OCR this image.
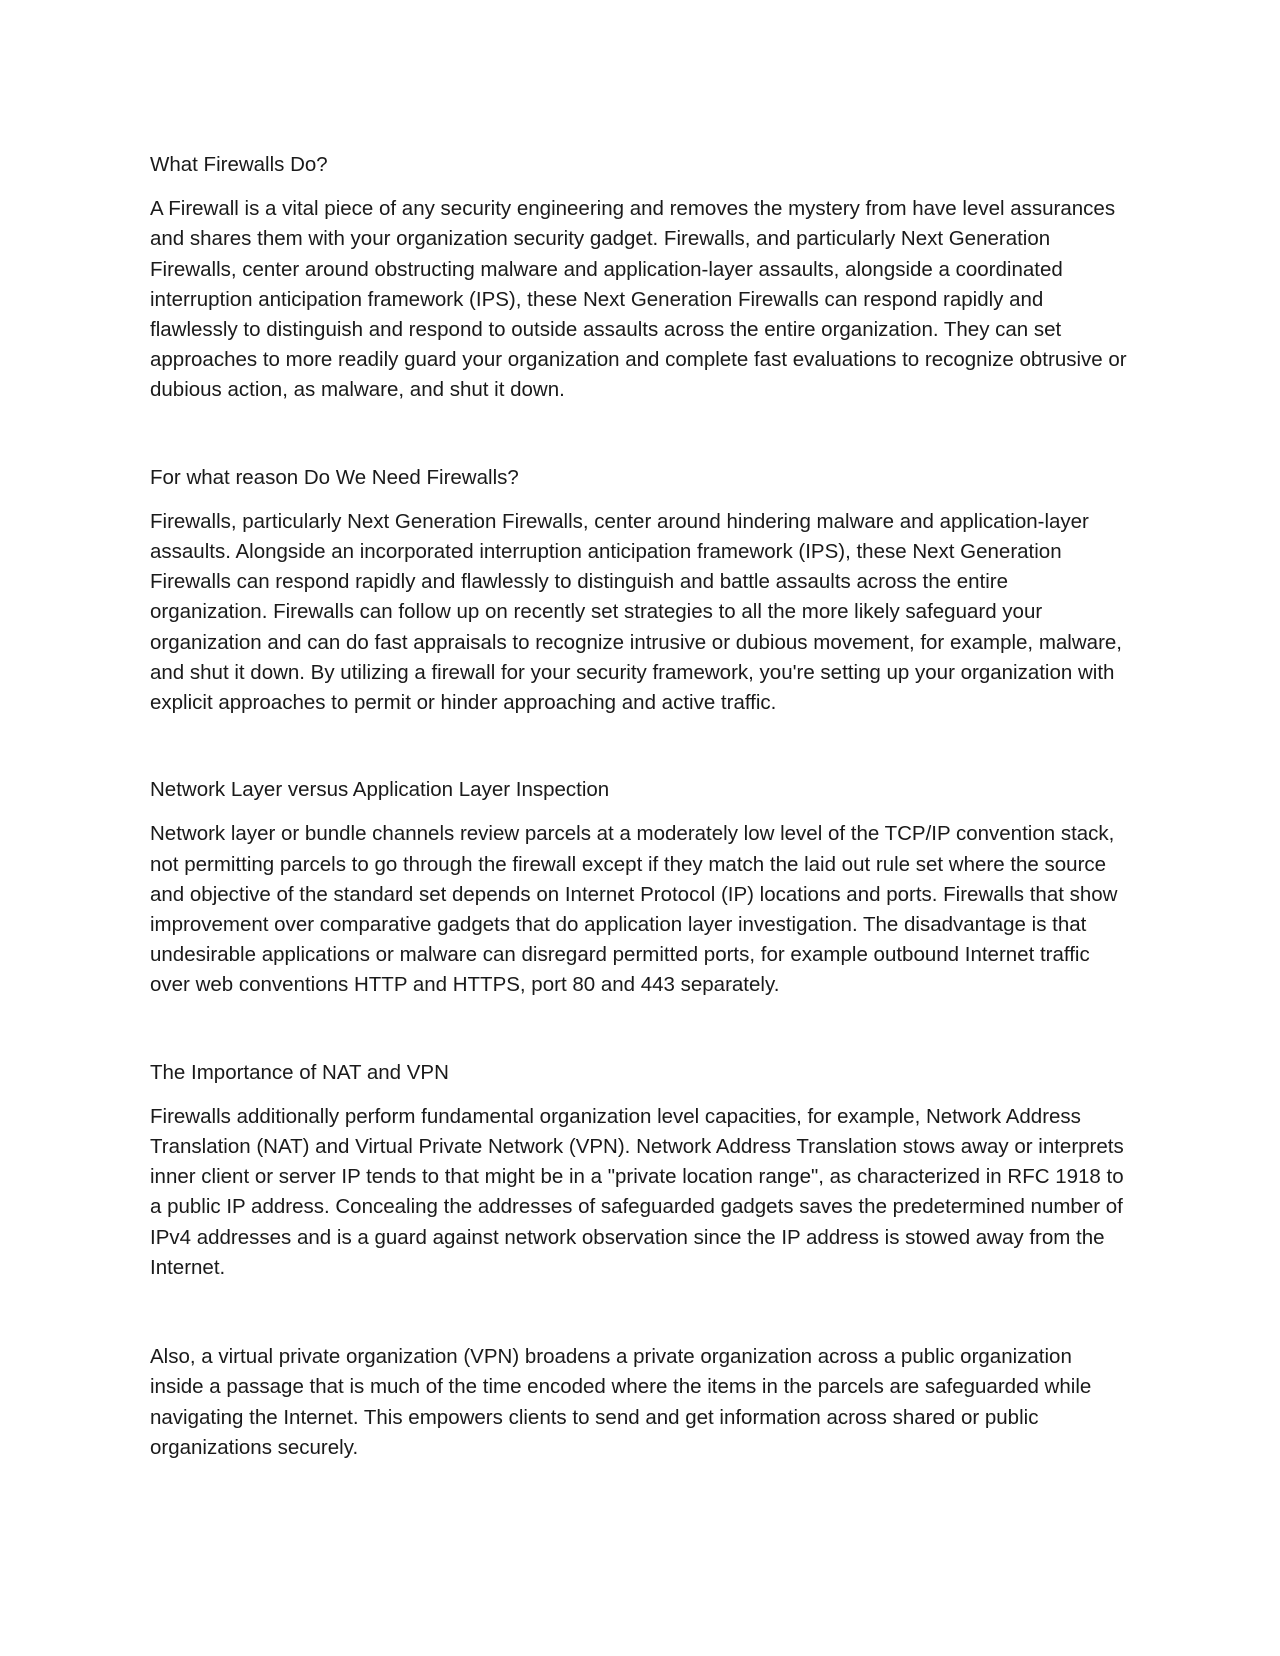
What Firewalls Do?

A Firewall is a vital piece of any security engineering and removes the mystery from have level assurances and shares them with your organization security gadget. Firewalls, and particularly Next Generation Firewalls, center around obstructing malware and application-layer assaults, alongside a coordinated interruption anticipation framework (IPS), these Next Generation Firewalls can respond rapidly and flawlessly to distinguish and respond to outside assaults across the entire organization. They can set approaches to more readily guard your organization and complete fast evaluations to recognize obtrusive or dubious action, as malware, and shut it down.

For what reason Do We Need Firewalls?

Firewalls, particularly Next Generation Firewalls, center around hindering malware and application-layer assaults. Alongside an incorporated interruption anticipation framework (IPS), these Next Generation Firewalls can respond rapidly and flawlessly to distinguish and battle assaults across the entire organization. Firewalls can follow up on recently set strategies to all the more likely safeguard your organization and can do fast appraisals to recognize intrusive or dubious movement, for example, malware, and shut it down. By utilizing a firewall for your security framework, you're setting up your organization with explicit approaches to permit or hinder approaching and active traffic.

Network Layer versus Application Layer Inspection

Network layer or bundle channels review parcels at a moderately low level of the TCP/IP convention stack, not permitting parcels to go through the firewall except if they match the laid out rule set where the source and objective of the standard set depends on Internet Protocol (IP) locations and ports. Firewalls that show improvement over comparative gadgets that do application layer investigation. The disadvantage is that undesirable applications or malware can disregard permitted ports, for example outbound Internet traffic over web conventions HTTP and HTTPS, port 80 and 443 separately.

The Importance of NAT and VPN

Firewalls additionally perform fundamental organization level capacities, for example, Network Address Translation (NAT) and Virtual Private Network (VPN). Network Address Translation stows away or interprets inner client or server IP tends to that might be in a "private location range", as characterized in RFC 1918 to a public IP address. Concealing the addresses of safeguarded gadgets saves the predetermined number of IPv4 addresses and is a guard against network observation since the IP address is stowed away from the Internet.

Also, a virtual private organization (VPN) broadens a private organization across a public organization inside a passage that is much of the time encoded where the items in the parcels are safeguarded while navigating the Internet. This empowers clients to send and get information across shared or public organizations securely.
